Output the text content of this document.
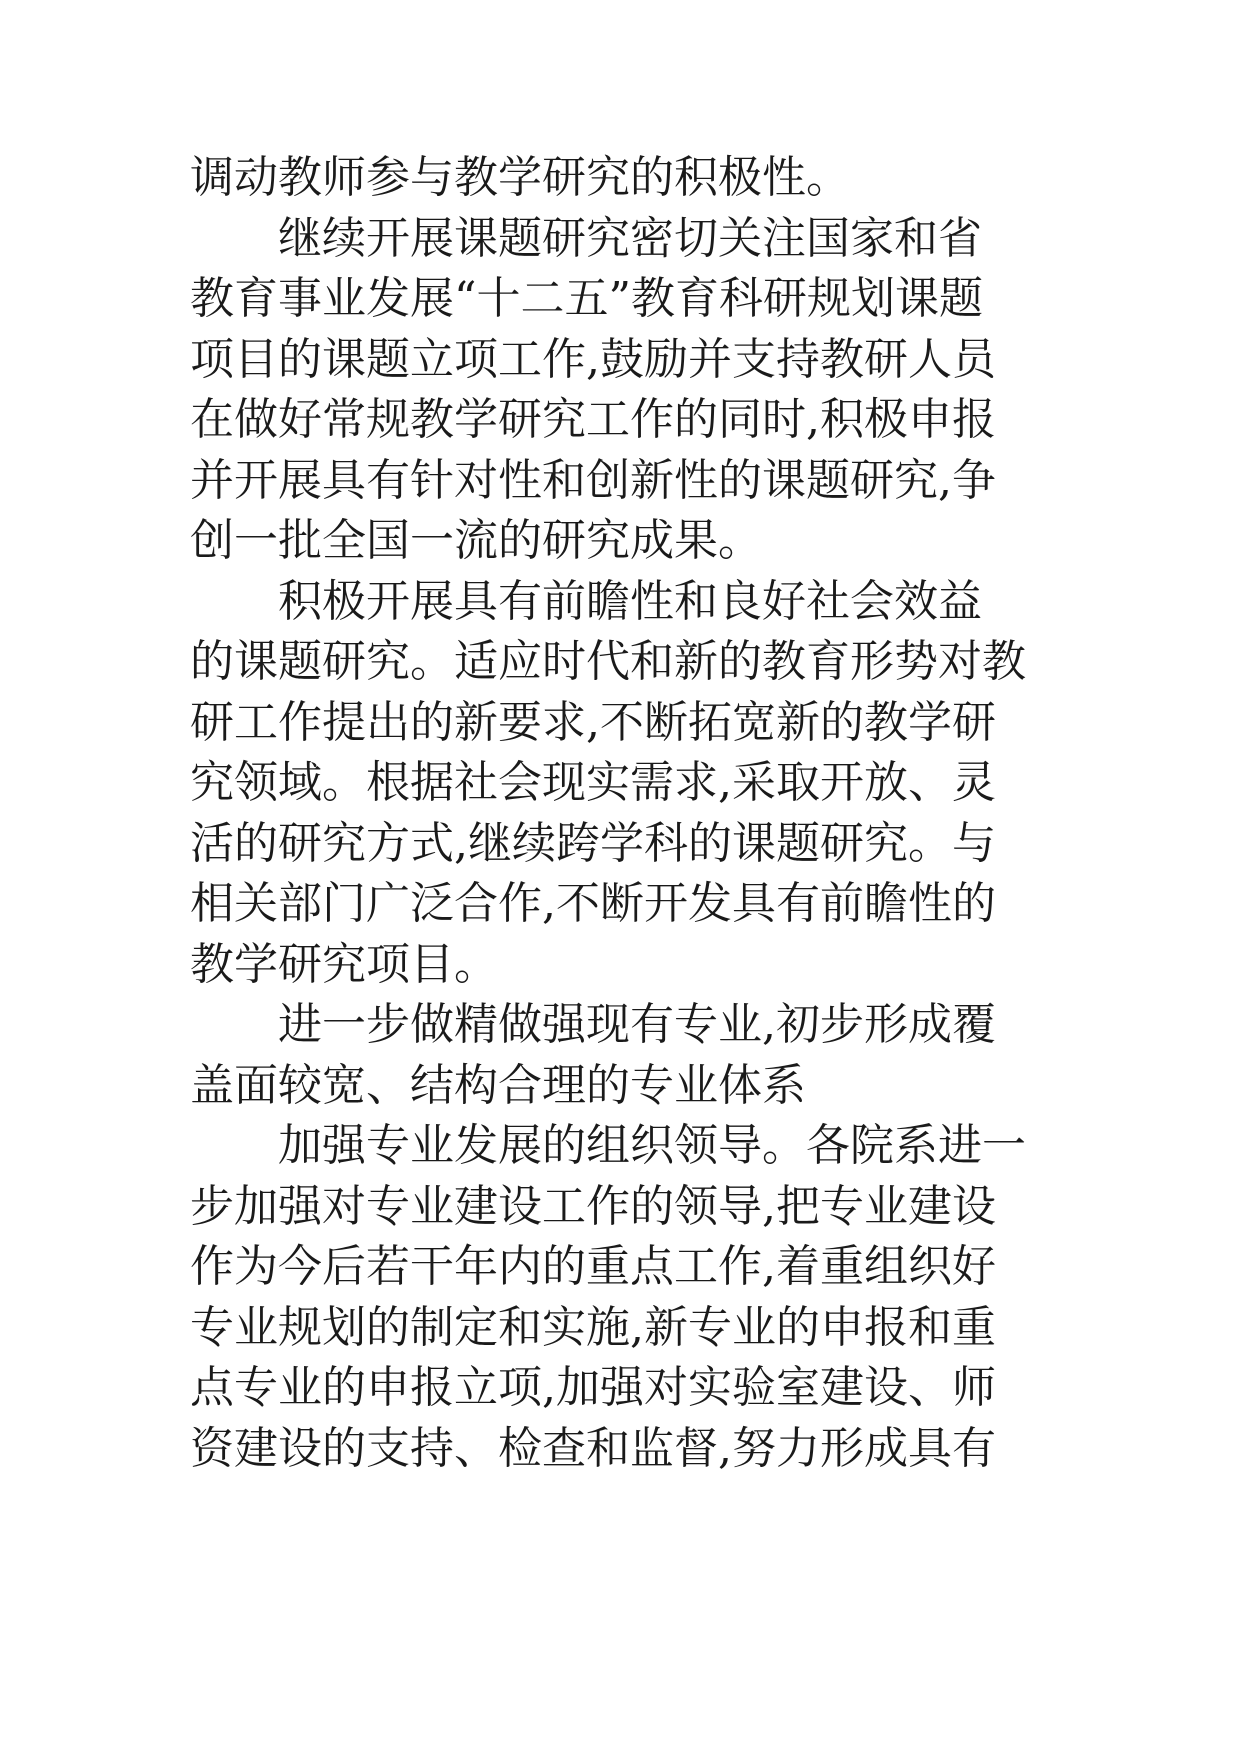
调动教师参与教学研究的积极性。
继续开展课题研究密切关注国家和省
教育事业发展“十二五”教育科研规划课题
项目的课题立项工作,鼓励并支持教研人员
在做好常规教学研究工作的同时,积极申报
并开展具有针对性和创新性的课题研究,争
创一批全国一流的研究成果。
积极开展具有前瞻性和良好社会效益
的课题研究。适应时代和新的教育形势对教
研工作提出的新要求,不断拓宽新的教学研
究领域。根据社会现实需求,采取开放、灵
活的研究方式,继续跨学科的课题研究。与
相关部门广泛合作,不断开发具有前瞻性的
教学研究项目。
进一步做精做强现有专业,初步形成覆
盖面较宽、结构合理的专业体系
加强专业发展的组织领导。各院系进一
步加强对专业建设工作的领导,把专业建设
作为今后若干年内的重点工作,着重组织好
专业规划的制定和实施,新专业的申报和重
点专业的申报立项,加强对实验室建设、师
资建设的支持、检查和监督,努力形成具有
